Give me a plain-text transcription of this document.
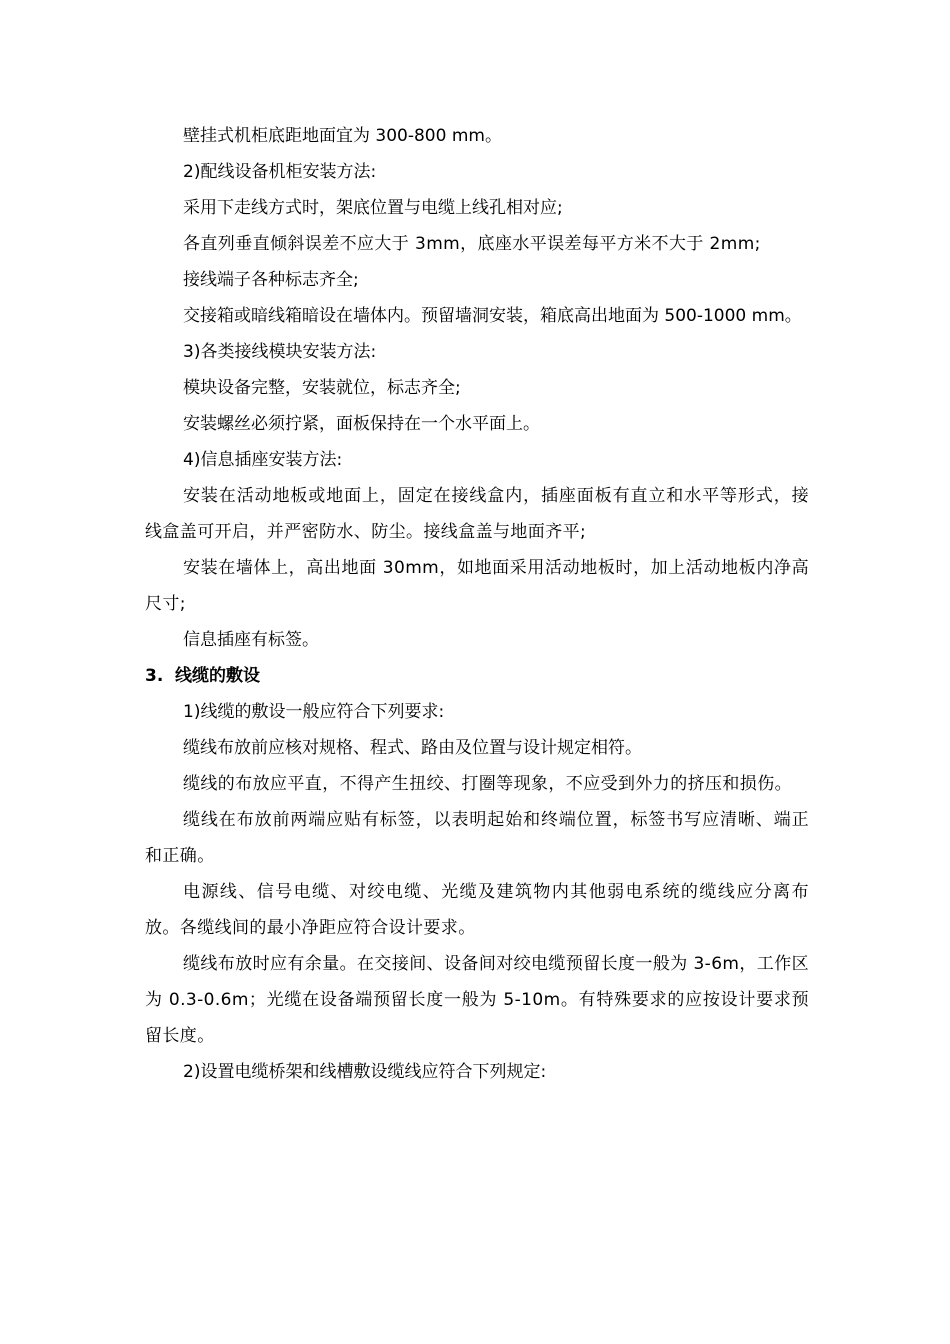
壁挂式机柜底距地面宜为 300-800 mm。

2)配线设备机柜安装方法:

采用下走线方式时，架底位置与电缆上线孔相对应;

各直列垂直倾斜误差不应大于 3mm，底座水平误差每平方米不大于 2mm;

接线端子各种标志齐全;

交接箱或暗线箱暗设在墙体内。预留墙洞安装，箱底高出地面为 500-1000 mm。

3)各类接线模块安装方法:

模块设备完整，安装就位，标志齐全;

安装螺丝必须拧紧，面板保持在一个水平面上。

4)信息插座安装方法:

安装在活动地板或地面上，固定在接线盒内，插座面板有直立和水平等形式，接线盒盖可开启，并严密防水、防尘。接线盒盖与地面齐平;

安装在墙体上，高出地面 30mm，如地面采用活动地板时，加上活动地板内净高尺寸;

信息插座有标签。

3. 线缆的敷设

1)线缆的敷设一般应符合下列要求:

缆线布放前应核对规格、程式、路由及位置与设计规定相符。

缆线的布放应平直，不得产生扭绞、打圈等现象，不应受到外力的挤压和损伤。

缆线在布放前两端应贴有标签，以表明起始和终端位置，标签书写应清晰、端正和正确。

电源线、信号电缆、对绞电缆、光缆及建筑物内其他弱电系统的缆线应分离布放。各缆线间的最小净距应符合设计要求。

缆线布放时应有余量。在交接间、设备间对绞电缆预留长度一般为 3-6m，工作区为 0.3-0.6m；光缆在设备端预留长度一般为 5-10m。有特殊要求的应按设计要求预留长度。

2)设置电缆桥架和线槽敷设缆线应符合下列规定:
